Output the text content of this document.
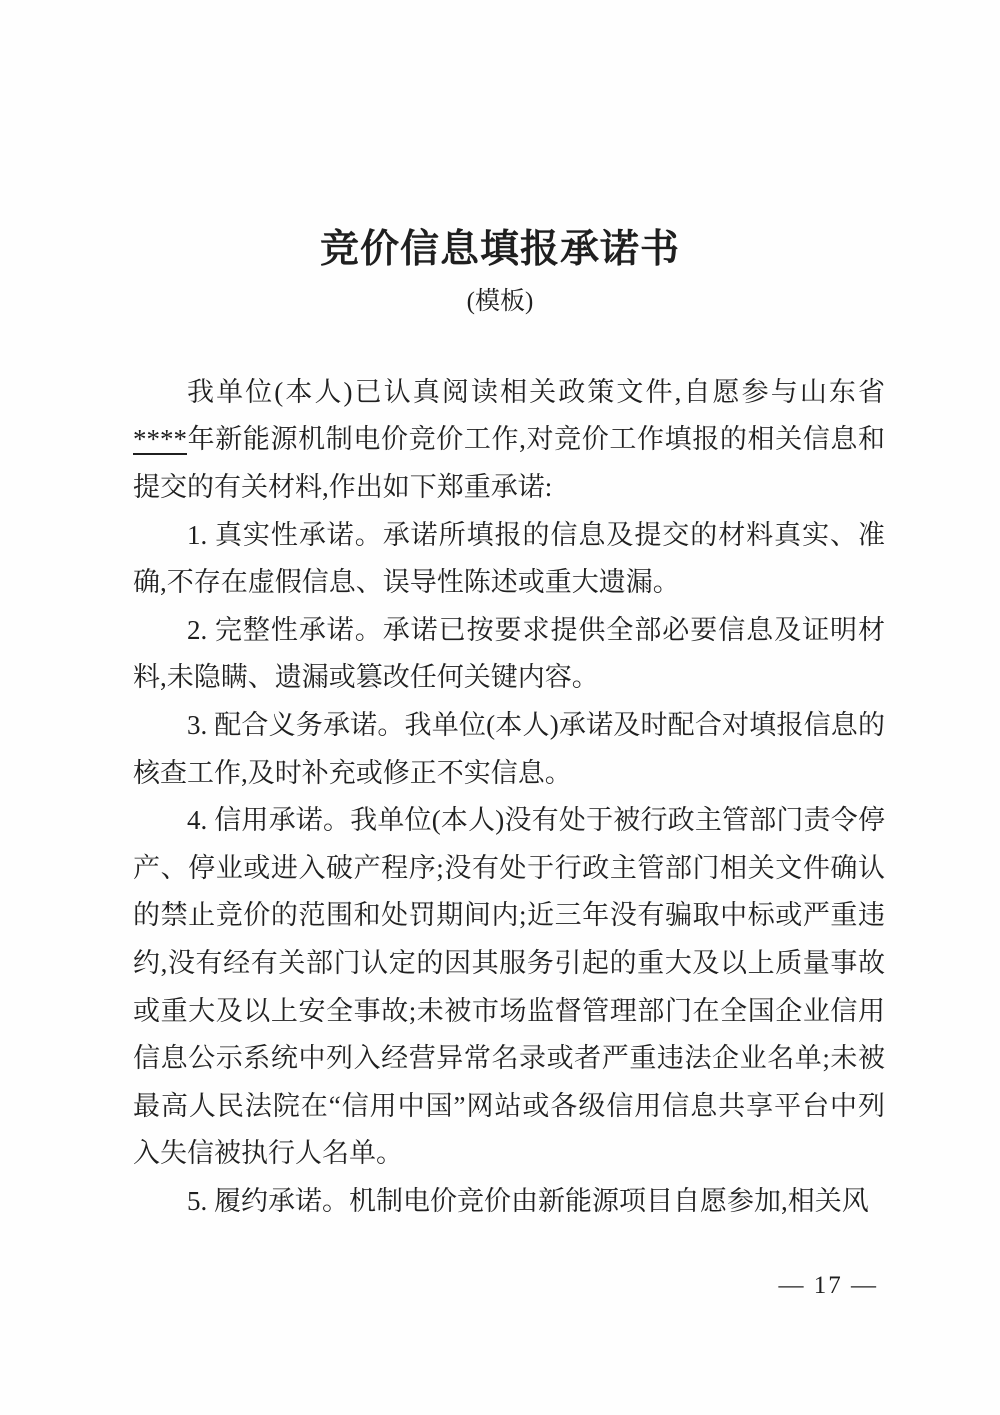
竞价信息填报承诺书
(模板)

我单位(本人)已认真阅读相关政策文件,自愿参与山东省****年新能源机制电价竞价工作,对竞价工作填报的相关信息和提交的有关材料,作出如下郑重承诺:

1. 真实性承诺。承诺所填报的信息及提交的材料真实、准确,不存在虚假信息、误导性陈述或重大遗漏。

2. 完整性承诺。承诺已按要求提供全部必要信息及证明材料,未隐瞒、遗漏或篡改任何关键内容。

3. 配合义务承诺。我单位(本人)承诺及时配合对填报信息的核查工作,及时补充或修正不实信息。

4. 信用承诺。我单位(本人)没有处于被行政主管部门责令停产、停业或进入破产程序;没有处于行政主管部门相关文件确认的禁止竞价的范围和处罚期间内;近三年没有骗取中标或严重违约,没有经有关部门认定的因其服务引起的重大及以上质量事故或重大及以上安全事故;未被市场监督管理部门在全国企业信用信息公示系统中列入经营异常名录或者严重违法企业名单;未被最高人民法院在“信用中国”网站或各级信用信息共享平台中列入失信被执行人名单。

5. 履约承诺。机制电价竞价由新能源项目自愿参加,相关风

— 17 —
